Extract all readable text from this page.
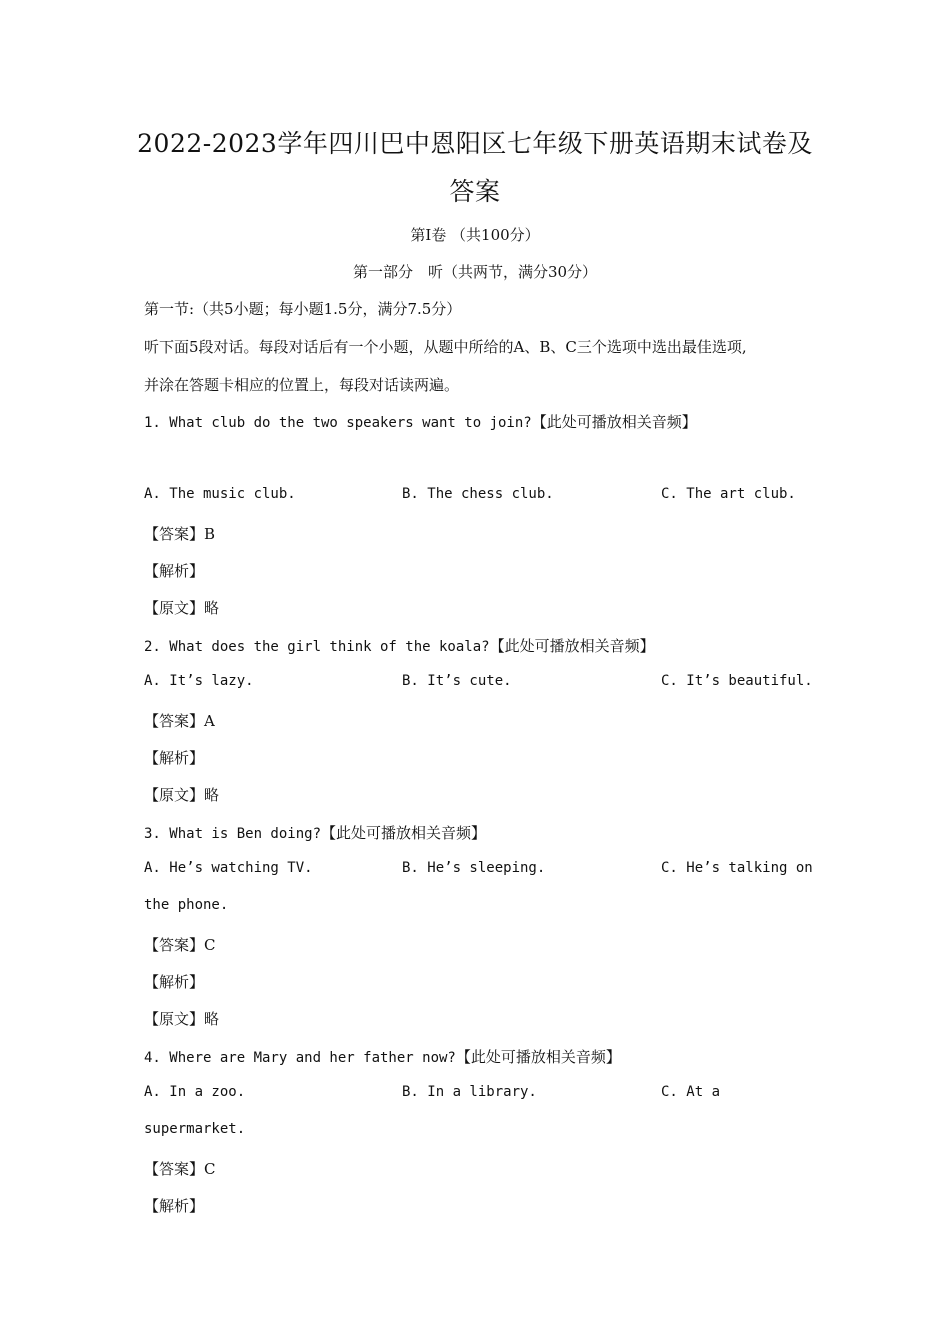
2022-2023学年四川巴中恩阳区七年级下册英语期末试卷及
答案
第Ⅰ卷 （共100分）
第一部分　听（共两节，满分30分）
第一节:（共5小题；每小题1.5分，满分7.5分）
听下面5段对话。每段对话后有一个小题，从题中所给的A、B、C三个选项中选出最佳选项,
并涂在答题卡相应的位置上，每段对话读两遍。
1. What club do the two speakers want to join?【此处可播放相关音频】
A. The music club.	B. The chess club.	C. The art club.
【答案】B
【解析】
【原文】略
2. What does the girl think of the koala?【此处可播放相关音频】
A. It’s lazy.	B. It’s cute.	C. It’s beautiful.
【答案】A
【解析】
【原文】略
3. What is Ben doing?【此处可播放相关音频】
A. He’s watching TV.	B. He’s sleeping.	C. He’s talking on
the phone.
【答案】C
【解析】
【原文】略
4. Where are Mary and her father now?【此处可播放相关音频】
A. In a zoo.	B. In a library.	C. At a
supermarket.
【答案】C
【解析】
